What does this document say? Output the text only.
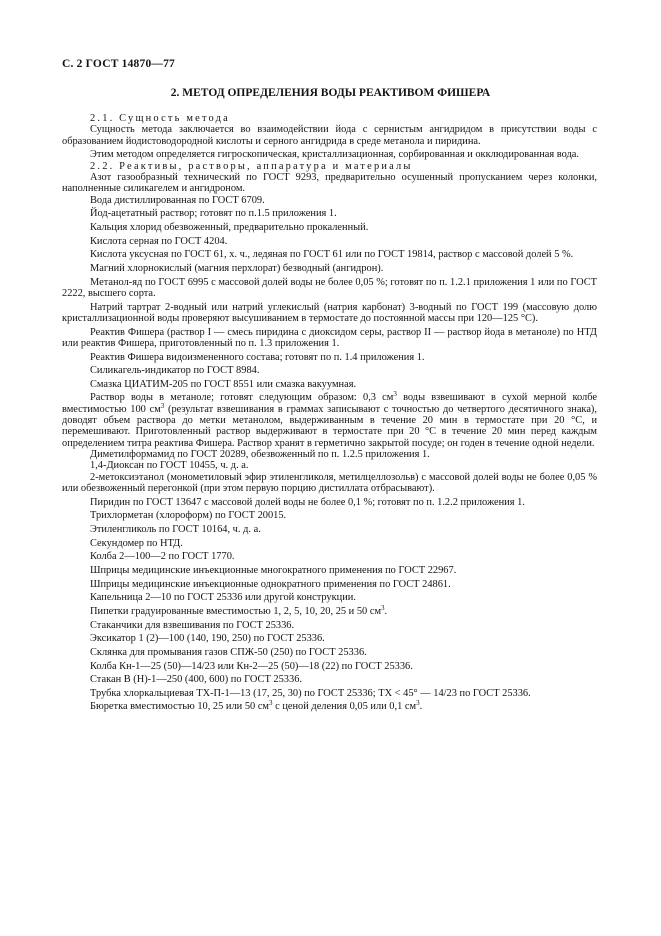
С. 2 ГОСТ 14870—77
2. МЕТОД ОПРЕДЕЛЕНИЯ ВОДЫ РЕАКТИВОМ ФИШЕРА

2.1. Сущность метода

Сущность метода заключается во взаимодействии йода с сернистым ангидридом в присутствии воды с образованием йодистоводородной кислоты и серного ангидрида в среде метанола и пиридина.

Этим методом определяется гигроскопическая, кристаллизационная, сорбированная и окклюдированная вода.

2.2. Реактивы, растворы, аппаратура и материалы

Азот газообразный технический по ГОСТ 9293, предварительно осушенный пропусканием через колонки, наполненные силикагелем и ангидроном.

Вода дистиллированная по ГОСТ 6709.

Йод-ацетатный раствор; готовят по п.1.5 приложения 1.

Кальция хлорид обезвоженный, предварительно прокаленный.

Кислота серная по ГОСТ 4204.

Кислота уксусная по ГОСТ 61, х. ч., ледяная по ГОСТ 61 или по ГОСТ 19814, раствор с массовой долей 5 %.

Магний хлорнокислый (магния перхлорат) безводный (ангидрон).

Метанол-яд по ГОСТ 6995 с массовой долей воды не более 0,05 %; готовят по п. 1.2.1 приложения 1 или по ГОСТ 2222, высшего сорта.

Натрий тартрат 2-водный или натрий углекислый (натрия карбонат) 3-водный по ГОСТ 199 (массовую долю кристаллизационной воды проверяют высушиванием в термостате до постоянной массы при 120—125 °С).

Реактив Фишера (раствор I — смесь пиридина с диоксидом серы, раствор II — раствор йода в метаноле) по НТД или реактив Фишера, приготовленный по п. 1.3 приложения 1.

Реактив Фишера видоизмененного состава; готовят по п. 1.4 приложения 1.

Силикагель-индикатор по ГОСТ 8984.

Смазка ЦИАТИМ-205 по ГОСТ 8551 или смазка вакуумная.

Раствор воды в метаноле; готовят следующим образом: 0,3 $см^3$ воды взвешивают в сухой мерной колбе вместимостью 100 $см^3$ (результат взвешивания в граммах записывают с точностью до четвертого десятичного знака), доводят объем раствора до метки метанолом, выдерживанным в течение 20 мин в термостате при 20 °С, и перемешивают. Приготовленный раствор выдерживают в термостате при 20 °С в течение 20 мин перед каждым определением титра реактива Фишера. Раствор хранят в герметично закрытой посуде; он годен в течение одной недели.

Диметилформамид по ГОСТ 20289, обезвоженный по п. 1.2.5 приложения 1.

1,4-Диоксан по ГОСТ 10455, ч. д. а.

2-метоксиэтанол (монометиловый эфир этиленгликоля, метилцеллозольв) с массовой долей воды не более 0,05 % или обезвоженный перегонкой (при этом первую порцию дистиллата отбрасывают).

Пиридин по ГОСТ 13647 с массовой долей воды не более 0,1 %; готовят по п. 1.2.2 приложения 1.

Трихлорметан (хлороформ) по ГОСТ 20015.

Этиленгликоль по ГОСТ 10164, ч. д. а.

Секундомер по НТД.

Колба 2—100—2 по ГОСТ 1770.

Шприцы медицинские инъекционные многократного применения по ГОСТ 22967.

Шприцы медицинские инъекционные однократного применения по ГОСТ 24861.

Капельница 2—10 по ГОСТ 25336 или другой конструкции.

Пипетки градуированные вместимостью 1, 2, 5, 10, 20, 25 и 50 $см^3$.

Стаканчики для взвешивания по ГОСТ 25336.

Эксикатор 1 (2)—100 (140, 190, 250) по ГОСТ 25336.

Склянка для промывания газов СПЖ-50 (250) по ГОСТ 25336.

Колба Кн-1—25 (50)—14/23 или Кн-2—25 (50)—18 (22) по ГОСТ 25336.

Стакан В (Н)-1—250 (400, 600) по ГОСТ 25336.

Трубка хлоркальциевая ТХ-П-1—13 (17, 25, 30) по ГОСТ 25336; ТХ < 45° — 14/23 по ГОСТ 25336.

Бюретка вместимостью 10, 25 или 50 $см^3$ с ценой деления 0,05 или 0,1 $см^3$.
